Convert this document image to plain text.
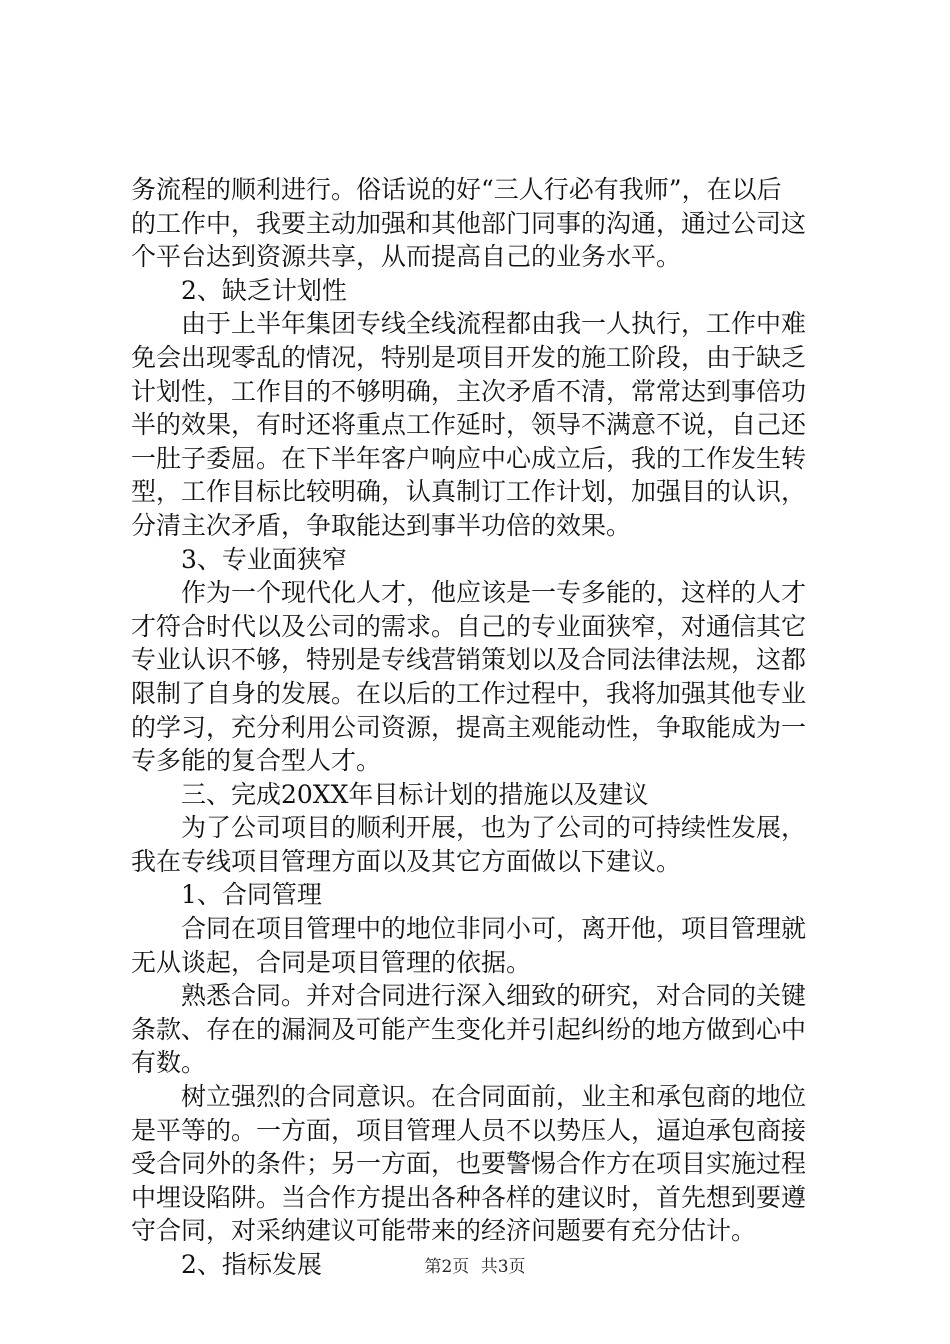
务流程的顺利进行。俗话说的好“三人行必有我师”，在以后
的工作中，我要主动加强和其他部门同事的沟通，通过公司这
个平台达到资源共享，从而提高自己的业务水平。
2、缺乏计划性
由于上半年集团专线全线流程都由我一人执行，工作中难
免会出现零乱的情况，特别是项目开发的施工阶段，由于缺乏
计划性，工作目的不够明确，主次矛盾不清，常常达到事倍功
半的效果，有时还将重点工作延时，领导不满意不说，自己还
一肚子委屈。在下半年客户响应中心成立后，我的工作发生转
型，工作目标比较明确，认真制订工作计划，加强目的认识，
分清主次矛盾，争取能达到事半功倍的效果。
3、专业面狭窄
作为一个现代化人才，他应该是一专多能的，这样的人才
才符合时代以及公司的需求。自己的专业面狭窄，对通信其它
专业认识不够，特别是专线营销策划以及合同法律法规，这都
限制了自身的发展。在以后的工作过程中，我将加强其他专业
的学习，充分利用公司资源，提高主观能动性，争取能成为一
专多能的复合型人才。
三、完成20XX年目标计划的措施以及建议
为了公司项目的顺利开展，也为了公司的可持续性发展，
我在专线项目管理方面以及其它方面做以下建议。
1、合同管理
合同在项目管理中的地位非同小可，离开他，项目管理就
无从谈起，合同是项目管理的依据。
熟悉合同。并对合同进行深入细致的研究，对合同的关键
条款、存在的漏洞及可能产生变化并引起纠纷的地方做到心中
有数。
树立强烈的合同意识。在合同面前，业主和承包商的地位
是平等的。一方面，项目管理人员不以势压人，逼迫承包商接
受合同外的条件；另一方面，也要警惕合作方在项目实施过程
中埋设陷阱。当合作方提出各种各样的建议时，首先想到要遵
守合同，对采纳建议可能带来的经济问题要有充分估计。
2、指标发展	第2页 共3页
